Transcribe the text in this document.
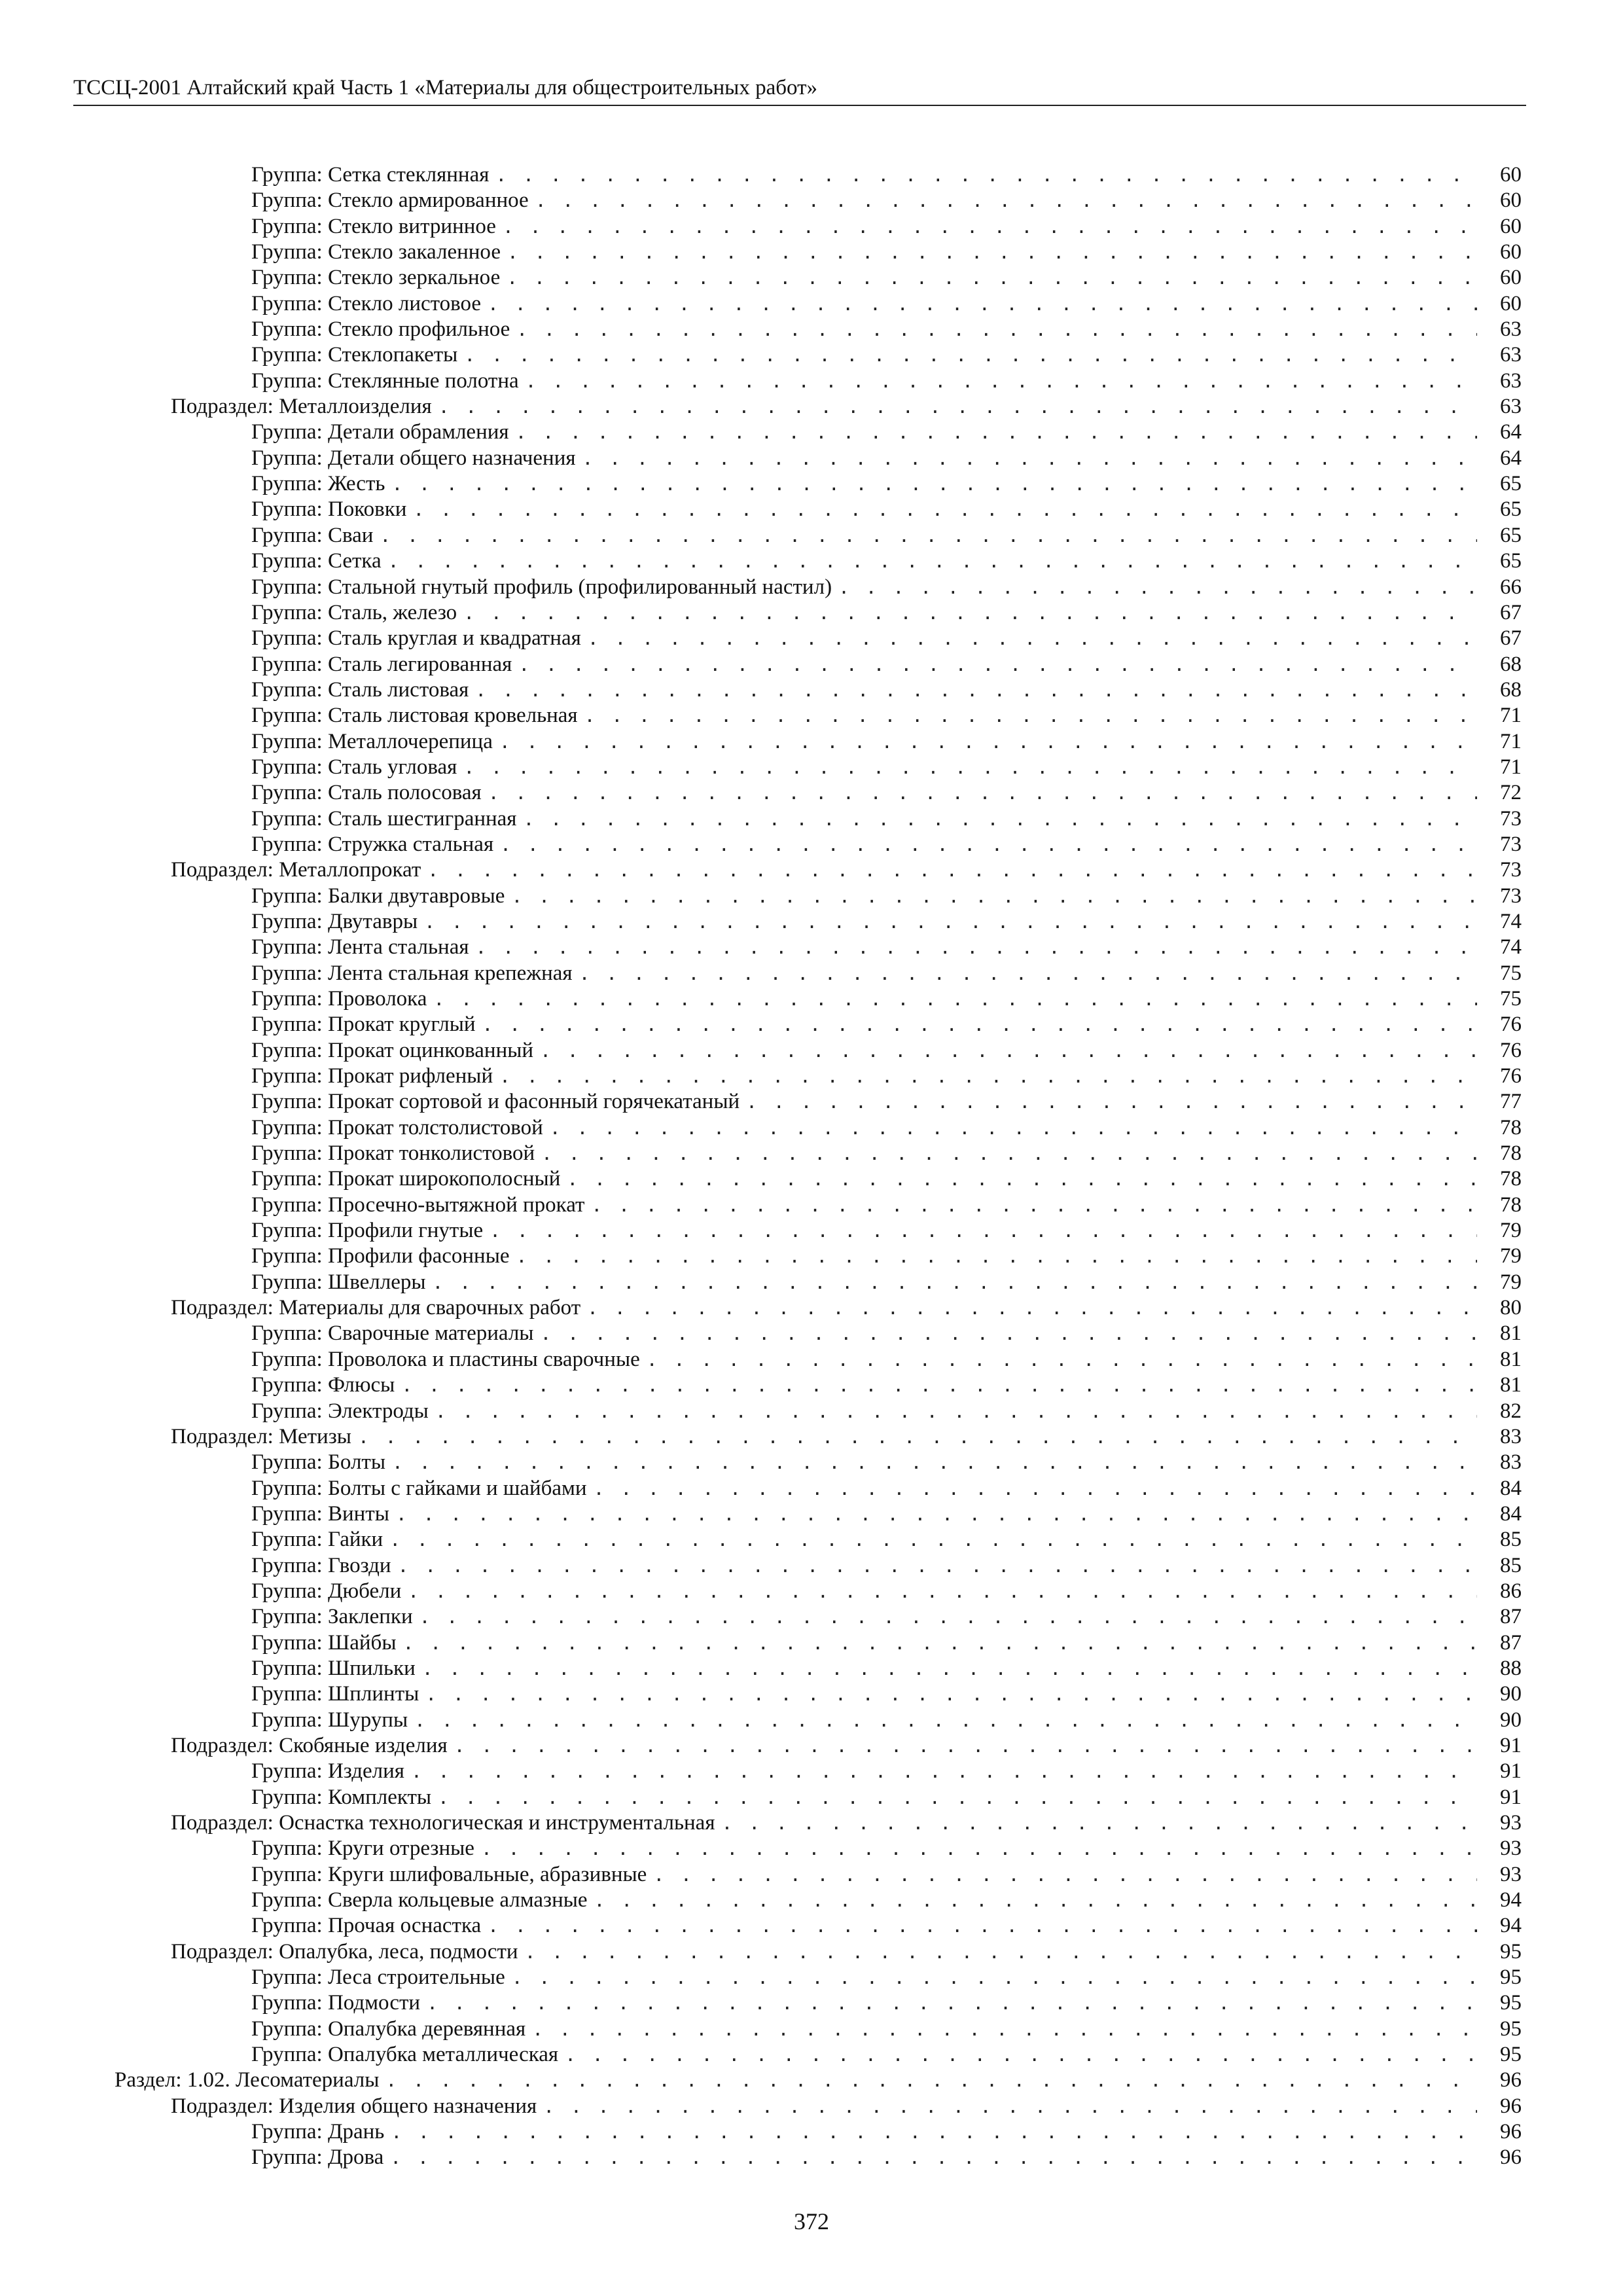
ТССЦ-2001 Алтайский край Часть 1 «Материалы для общестроительных работ»
Группа: Сетка стеклянная . . .	60
Группа: Стекло армированное . . .	60
Группа: Стекло витринное . . .	60
Группа: Стекло закаленное . . .	60
Группа: Стекло зеркальное . . .	60
Группа: Стекло листовое . . .	60
Группа: Стекло профильное . . .	63
Группа: Стеклопакеты . . .	63
Группа: Стеклянные полотна . . .	63
Подраздел: Металлоизделия . . .	63
Группа: Детали обрамления . . .	64
Группа: Детали общего назначения . . .	64
Группа: Жесть . . .	65
Группа: Поковки . . .	65
Группа: Сваи . . .	65
Группа: Сетка . . .	65
Группа: Стальной гнутый профиль (профилированный настил) . . .	66
Группа: Сталь, железо . . .	67
Группа: Сталь круглая и квадратная . . .	67
Группа: Сталь легированная . . .	68
Группа: Сталь листовая . . .	68
Группа: Сталь листовая кровельная . . .	71
Группа: Металлочерепица . . .	71
Группа: Сталь угловая . . .	71
Группа: Сталь полосовая . . .	72
Группа: Сталь шестигранная . . .	73
Группа: Стружка стальная . . .	73
Подраздел: Металлопрокат . . .	73
Группа: Балки двутавровые . . .	73
Группа: Двутавры . . .	74
Группа: Лента стальная . . .	74
Группа: Лента стальная крепежная . . .	75
Группа: Проволока . . .	75
Группа: Прокат круглый . . .	76
Группа: Прокат оцинкованный . . .	76
Группа: Прокат рифленый . . .	76
Группа: Прокат сортовой и фасонный горячекатаный . . .	77
Группа: Прокат толстолистовой . . .	78
Группа: Прокат тонколистовой . . .	78
Группа: Прокат широкополосный . . .	78
Группа: Просечно-вытяжной прокат . . .	78
Группа: Профили гнутые . . .	79
Группа: Профили фасонные . . .	79
Группа: Швеллеры . . .	79
Подраздел: Материалы для сварочных работ . . .	80
Группа: Сварочные материалы . . .	81
Группа: Проволока и пластины сварочные . . .	81
Группа: Флюсы . . .	81
Группа: Электроды . . .	82
Подраздел: Метизы . . .	83
Группа: Болты . . .	83
Группа: Болты с гайками и шайбами . . .	84
Группа: Винты . . .	84
Группа: Гайки . . .	85
Группа: Гвозди . . .	85
Группа: Дюбели . . .	86
Группа: Заклепки . . .	87
Группа: Шайбы . . .	87
Группа: Шпильки . . .	88
Группа: Шплинты . . .	90
Группа: Шурупы . . .	90
Подраздел: Скобяные изделия . . .	91
Группа: Изделия . . .	91
Группа: Комплекты . . .	91
Подраздел: Оснастка технологическая и инструментальная . . .	93
Группа: Круги отрезные . . .	93
Группа: Круги шлифовальные, абразивные . . .	93
Группа: Сверла кольцевые алмазные . . .	94
Группа: Прочая оснастка . . .	94
Подраздел: Опалубка, леса, подмости . . .	95
Группа: Леса строительные . . .	95
Группа: Подмости . . .	95
Группа: Опалубка деревянная . . .	95
Группа: Опалубка металлическая . . .	95
Раздел: 1.02. Лесоматериалы . . .	96
Подраздел: Изделия общего назначения . . .	96
Группа: Дрань . . .	96
Группа: Дрова . . .	96
372
